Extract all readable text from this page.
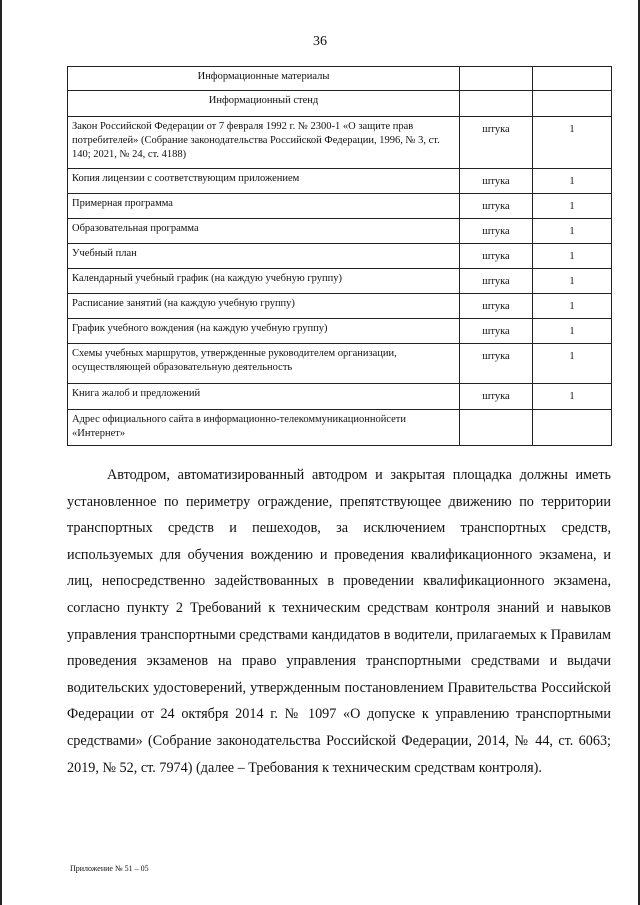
36
Информационные материалы		
Информационный стенд		
Закон Российской Федерации от 7 февраля 1992 г. № 2300-1 «О защите прав потребителей» (Собрание законодательства Российской Федерации, 1996, № 3, ст. 140; 2021, № 24, ст. 4188)	штука	1
Копия лицензии с соответствующим приложением	штука	1
Примерная программа	штука	1
Образовательная программа	штука	1
Учебный план	штука	1
Календарный учебный график (на каждую учебную группу)	штука	1
Расписание занятий (на каждую учебную группу)	штука	1
График учебного вождения (на каждую учебную группу)	штука	1
Схемы учебных маршрутов, утвержденные руководителем организации, осуществляющей образовательную деятельность	штука	1
Книга жалоб и предложений	штука	1
Адрес официального сайта в информационно-телекоммуникационнойсети «Интернет»		

Автодром, автоматизированный автодром и закрытая площадка должны иметь установленное по периметру ограждение, препятствующее движению по территории транспортных средств и пешеходов, за исключением транспортных средств, используемых для обучения вождению и проведения квалификационного экзамена, и лиц, непосредственно задействованных в проведении квалификационного экзамена, согласно пункту 2 Требований к техническим средствам контроля знаний и навыков управления транспортными средствами кандидатов в водители, прилагаемых к Правилам проведения экзаменов на право управления транспортными средствами и выдачи водительских удостоверений, утвержденным постановлением Правительства Российской Федерации от 24 октября 2014 г. № 1097 «О допуске к управлению транспортными средствами» (Собрание законодательства Российской Федерации, 2014, № 44, ст. 6063; 2019, № 52, ст. 7974) (далее – Требования к техническим средствам контроля).

Приложение № 51 – 05
